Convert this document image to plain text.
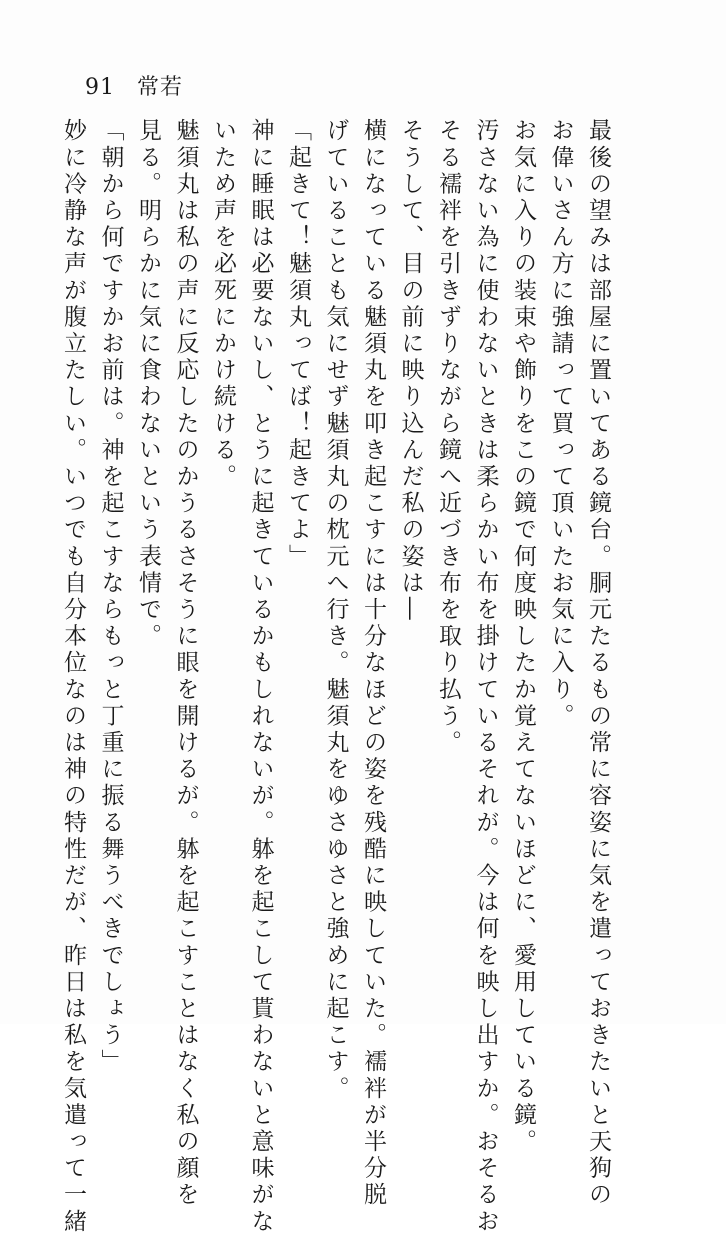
91 常若
最後の望みは部屋に置いてある鏡台。胴元たるもの常に容姿に気を遣っておきたいと天狗の
お偉いさん方に強請って買って頂いたお気に入り。
お気に入りの装束や飾りをこの鏡で何度映したか覚えてないほどに、愛用している鏡。
汚さない為に使わないときは柔らかい布を掛けているそれが。今は何を映し出すか。おそるお
そる襦袢を引きずりながら鏡へ近づき布を取り払う。
そうして、目の前に映り込んだ私の姿は―
横になっている魅須丸を叩き起こすには十分なほどの姿を残酷に映していた。襦袢が半分脱
げていることも気にせず魅須丸の枕元へ行き。魅須丸をゆさゆさと強めに起こす。
「起きて！魅須丸ってば！起きてよ」
神に睡眠は必要ないし、とうに起きているかもしれないが。躰を起こして貰わないと意味がな
いため声を必死にかけ続ける。
魅須丸は私の声に反応したのかうるさそうに眼を開けるが。躰を起こすことはなく私の顔を
見る。明らかに気に食わないという表情で。
「朝から何ですかお前は。神を起こすならもっと丁重に振る舞うべきでしょう」
妙に冷静な声が腹立たしい。いつでも自分本位なのは神の特性だが、昨日は私を気遣って一緒
